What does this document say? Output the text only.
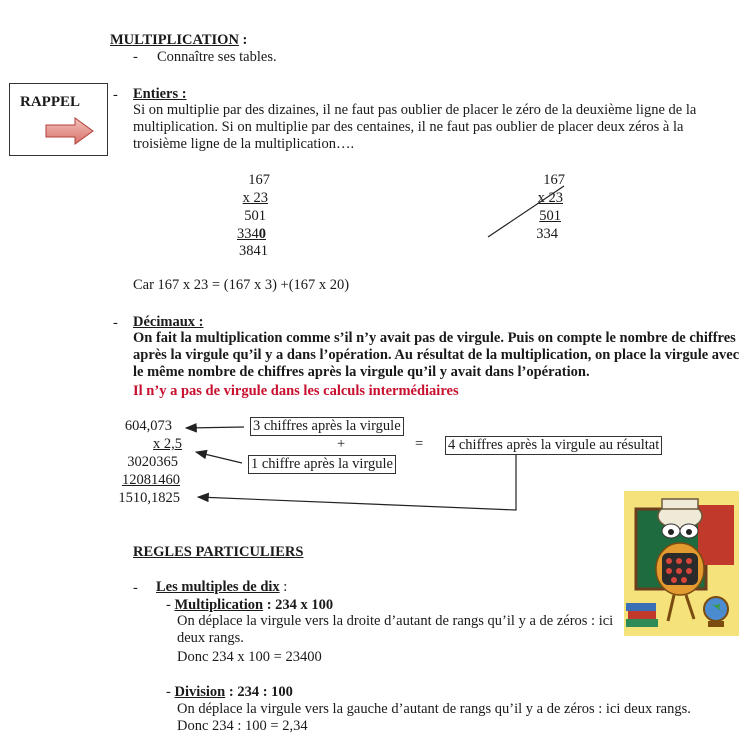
MULTIPLICATION :
- Connaître ses tables.
RAPPEL - Entiers :
Si on multiplie par des dizaines, il ne faut pas oublier de placer le zéro de la deuxième ligne de la multiplication. Si on multiplie par des centaines, il ne faut pas oublier de placer deux zéros à la troisième ligne de la multiplication….
167
x 23
501
3340
3841
167
x 23
501
334
Car 167 x 23 = (167 x 3) +(167 x 20)
- Décimaux :
On fait la multiplication comme s’il n’y avait pas de virgule. Puis on compte le nombre de chiffres après la virgule qu’il y a dans l’opération. Au résultat de la multiplication, on place la virgule avec le même nombre de chiffres après la virgule qu’il y avait dans l’opération.
Il n’y a pas de virgule dans les calculs intermédiaires
604,073
x 2,5
3020365
12081460
1510,1825
3 chiffres après la virgule
+
1 chiffre après la virgule
= 4 chiffres après la virgule au résultat
REGLES PARTICULIERS
- Les multiples de dix :
- Multiplication : 234 x 100
On déplace la virgule vers la droite d’autant de rangs qu’il y a de zéros : ici deux rangs.
Donc 234 x 100 = 23400
- Division : 234 : 100
On déplace la virgule vers la gauche d’autant de rangs qu’il y a de zéros : ici deux rangs.
Donc 234 : 100 = 2,34
